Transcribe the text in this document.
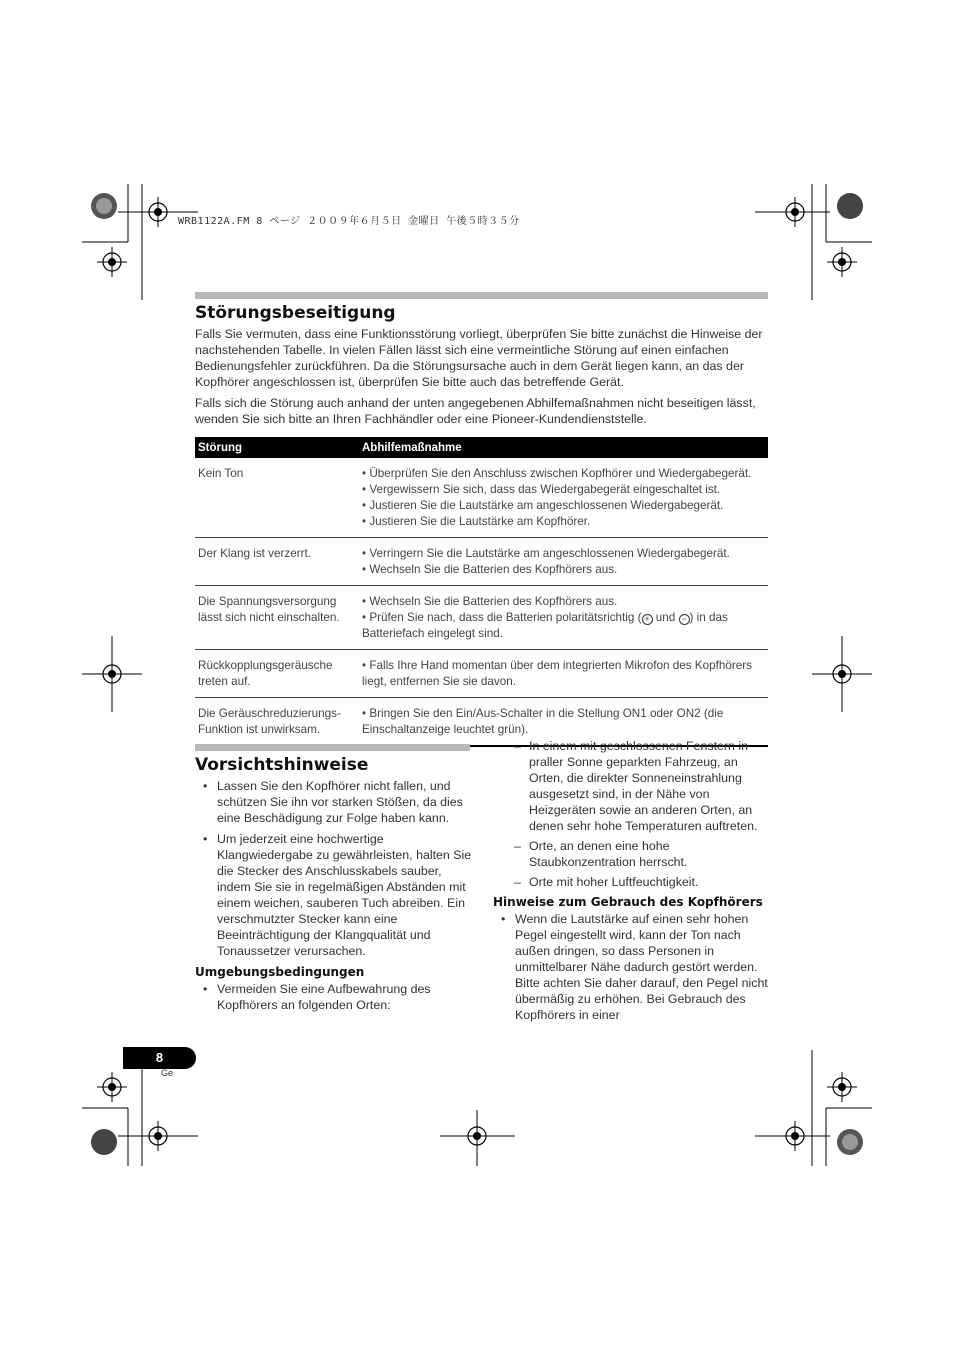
WRB1122A.FM 8 ページ ２００９年６月５日 金曜日 午後５時３５分
Störungsbeseitigung

Falls Sie vermuten, dass eine Funktionsstörung vorliegt, überprüfen Sie bitte zunächst die Hinweise der nachstehenden Tabelle. In vielen Fällen lässt sich eine vermeintliche Störung auf einen einfachen Bedienungsfehler zurückführen. Da die Störungsursache auch in dem Gerät liegen kann, an das der Kopfhörer angeschlossen ist, überprüfen Sie bitte auch das betreffende Gerät.

Falls sich die Störung auch anhand der unten angegebenen Abhilfemaßnahmen nicht beseitigen lässt, wenden Sie sich bitte an Ihren Fachhändler oder eine Pioneer-Kundendienststelle.

Störung	Abhilfemaßnahme
Kein Ton	• Überprüfen Sie den Anschluss zwischen Kopfhörer und Wiedergabegerät.
• Vergewissern Sie sich, dass das Wiedergabegerät eingeschaltet ist.
• Justieren Sie die Lautstärke am angeschlossenen Wiedergabegerät.
• Justieren Sie die Lautstärke am Kopfhörer.

Der Klang ist verzerrt.	• Verringern Sie die Lautstärke am angeschlossenen Wiedergabegerät.
• Wechseln Sie die Batterien des Kopfhörers aus.

Die Spannungsversorgung lässt sich nicht einschalten.	• Wechseln Sie die Batterien des Kopfhörers aus.
• Prüfen Sie nach, dass die Batterien polaritätsrichtig ( + und − ) in das Batteriefach eingelegt sind.

Rückkopplungsgeräusche treten auf.	• Falls Ihre Hand momentan über dem integrierten Mikrofon des Kopfhörers liegt, entfernen Sie sie davon.

Die Geräuschreduzierungs-Funktion ist unwirksam.	• Bringen Sie den Ein/Aus-Schalter in die Stellung ON1 oder ON2 (die Einschaltanzeige leuchtet grün).
Vorsichtshinweise
• Lassen Sie den Kopfhörer nicht fallen, und schützen Sie ihn vor starken Stößen, da dies eine Beschädigung zur Folge haben kann.
• Um jederzeit eine hochwertige Klangwiedergabe zu gewährleisten, halten Sie die Stecker des Anschlusskabels sauber, indem Sie sie in regelmäßigen Abständen mit einem weichen, sauberen Tuch abreiben. Ein verschmutzter Stecker kann eine Beeinträchtigung der Klangqualität und Tonaussetzer verursachen.
Umgebungsbedingungen
• Vermeiden Sie eine Aufbewahrung des Kopfhörers an folgenden Orten:
– In einem mit geschlossenen Fenstern in praller Sonne geparkten Fahrzeug, an Orten, die direkter Sonneneinstrahlung ausgesetzt sind, in der Nähe von Heizgeräten sowie an anderen Orten, an denen sehr hohe Temperaturen auftreten.
– Orte, an denen eine hohe Staubkonzentration herrscht.
– Orte mit hoher Luftfeuchtigkeit.
Hinweise zum Gebrauch des Kopfhörers
• Wenn die Lautstärke auf einen sehr hohen Pegel eingestellt wird, kann der Ton nach außen dringen, so dass Personen in unmittelbarer Nähe dadurch gestört werden. Bitte achten Sie daher darauf, den Pegel nicht übermäßig zu erhöhen. Bei Gebrauch des Kopfhörers in einer
8
Ge
